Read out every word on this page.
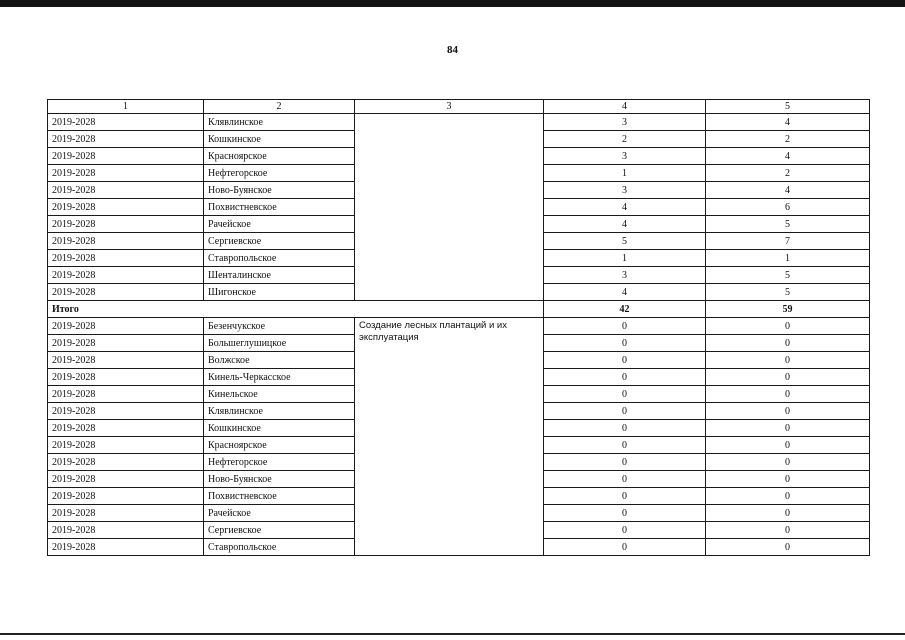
84
1	2	3	4	5
2019-2028	Клявлинское		3	4
2019-2028	Кошкинское		2	2
2019-2028	Красноярское		3	4
2019-2028	Нефтегорское		1	2
2019-2028	Ново-Буянское		3	4
2019-2028	Похвистневское		4	6
2019-2028	Рачейское		4	5
2019-2028	Сергиевское		5	7
2019-2028	Ставропольское		1	1
2019-2028	Шенталинское		3	5
2019-2028	Шигонское		4	5
Итого			42	59
2019-2028	Безенчукское	Создание лесных плантаций и их эксплуатация	0	0
2019-2028	Большеглушицкое		0	0
2019-2028	Волжское		0	0
2019-2028	Кинель-Черкасское		0	0
2019-2028	Кинельское		0	0
2019-2028	Клявлинское		0	0
2019-2028	Кошкинское		0	0
2019-2028	Красноярское		0	0
2019-2028	Нефтегорское		0	0
2019-2028	Ново-Буянское		0	0
2019-2028	Похвистневское		0	0
2019-2028	Рачейское		0	0
2019-2028	Сергиевское		0	0
2019-2028	Ставропольское		0	0
